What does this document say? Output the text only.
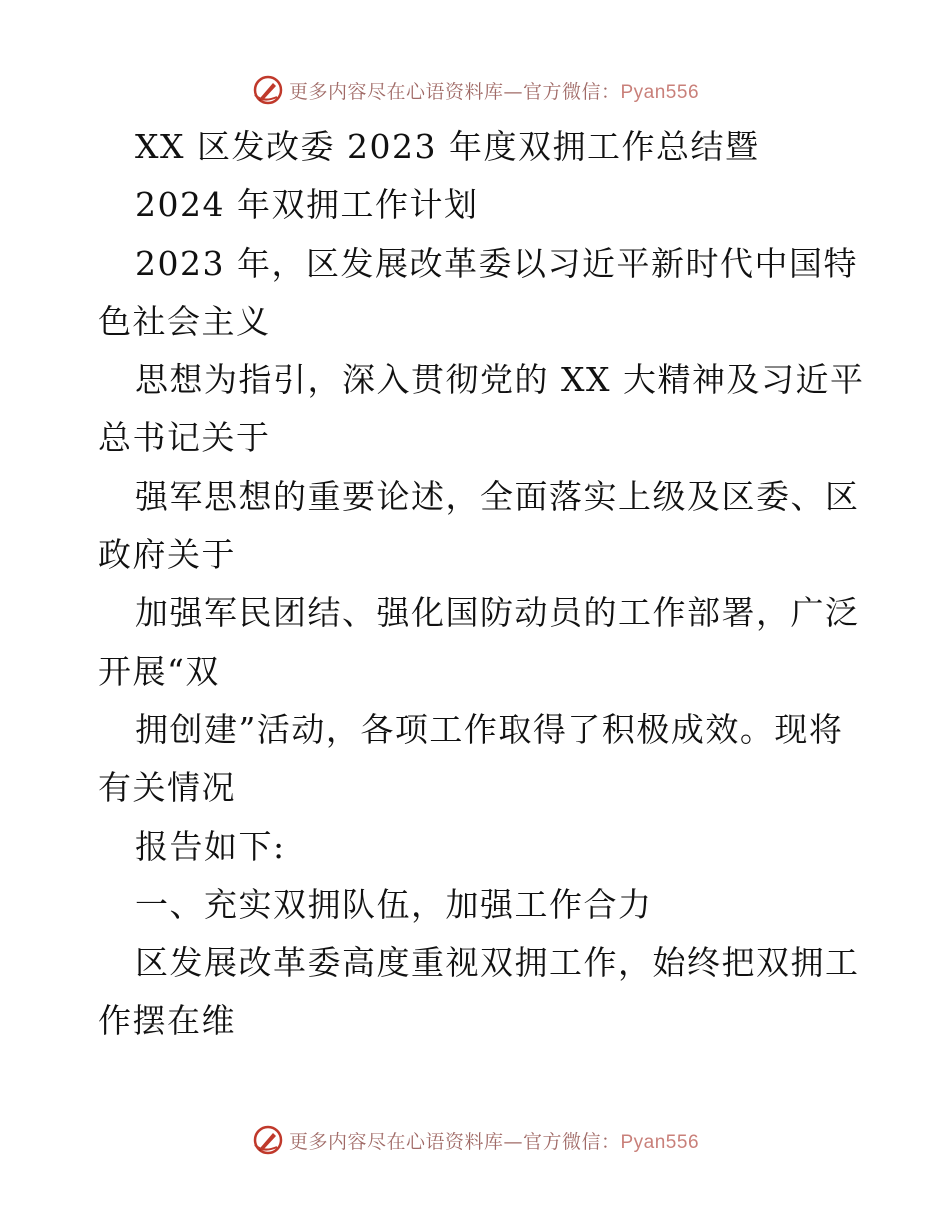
更多内容尽在心语资料库—官方微信：Pyan556
XX 区发改委 2023 年度双拥工作总结暨
2024 年双拥工作计划
2023 年，区发展改革委以习近平新时代中国特
色社会主义
思想为指引，深入贯彻党的 XX 大精神及习近平
总书记关于
强军思想的重要论述，全面落实上级及区委、区
政府关于
加强军民团结、强化国防动员的工作部署，广泛
开展“双
拥创建”活动，各项工作取得了积极成效。现将
有关情况
报告如下:
一、充实双拥队伍，加强工作合力
区发展改革委高度重视双拥工作，始终把双拥工
作摆在维
更多内容尽在心语资料库—官方微信：Pyan556
